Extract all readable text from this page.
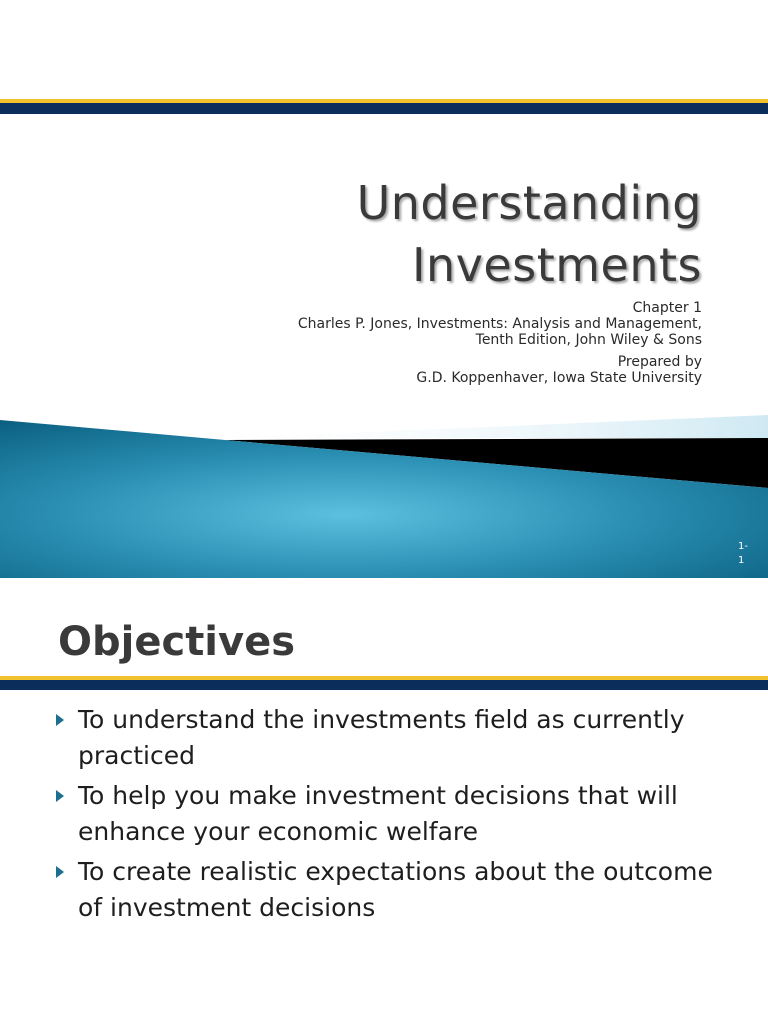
Understanding
Investments
Chapter 1
Charles P. Jones, Investments: Analysis and Management,
Tenth Edition, John Wiley & Sons
Prepared by
G.D. Koppenhaver, Iowa State University
1-
1
Objectives
To understand the investments field as currently practiced
To help you make investment decisions that will enhance your economic welfare
To create realistic expectations about the outcome of investment decisions
